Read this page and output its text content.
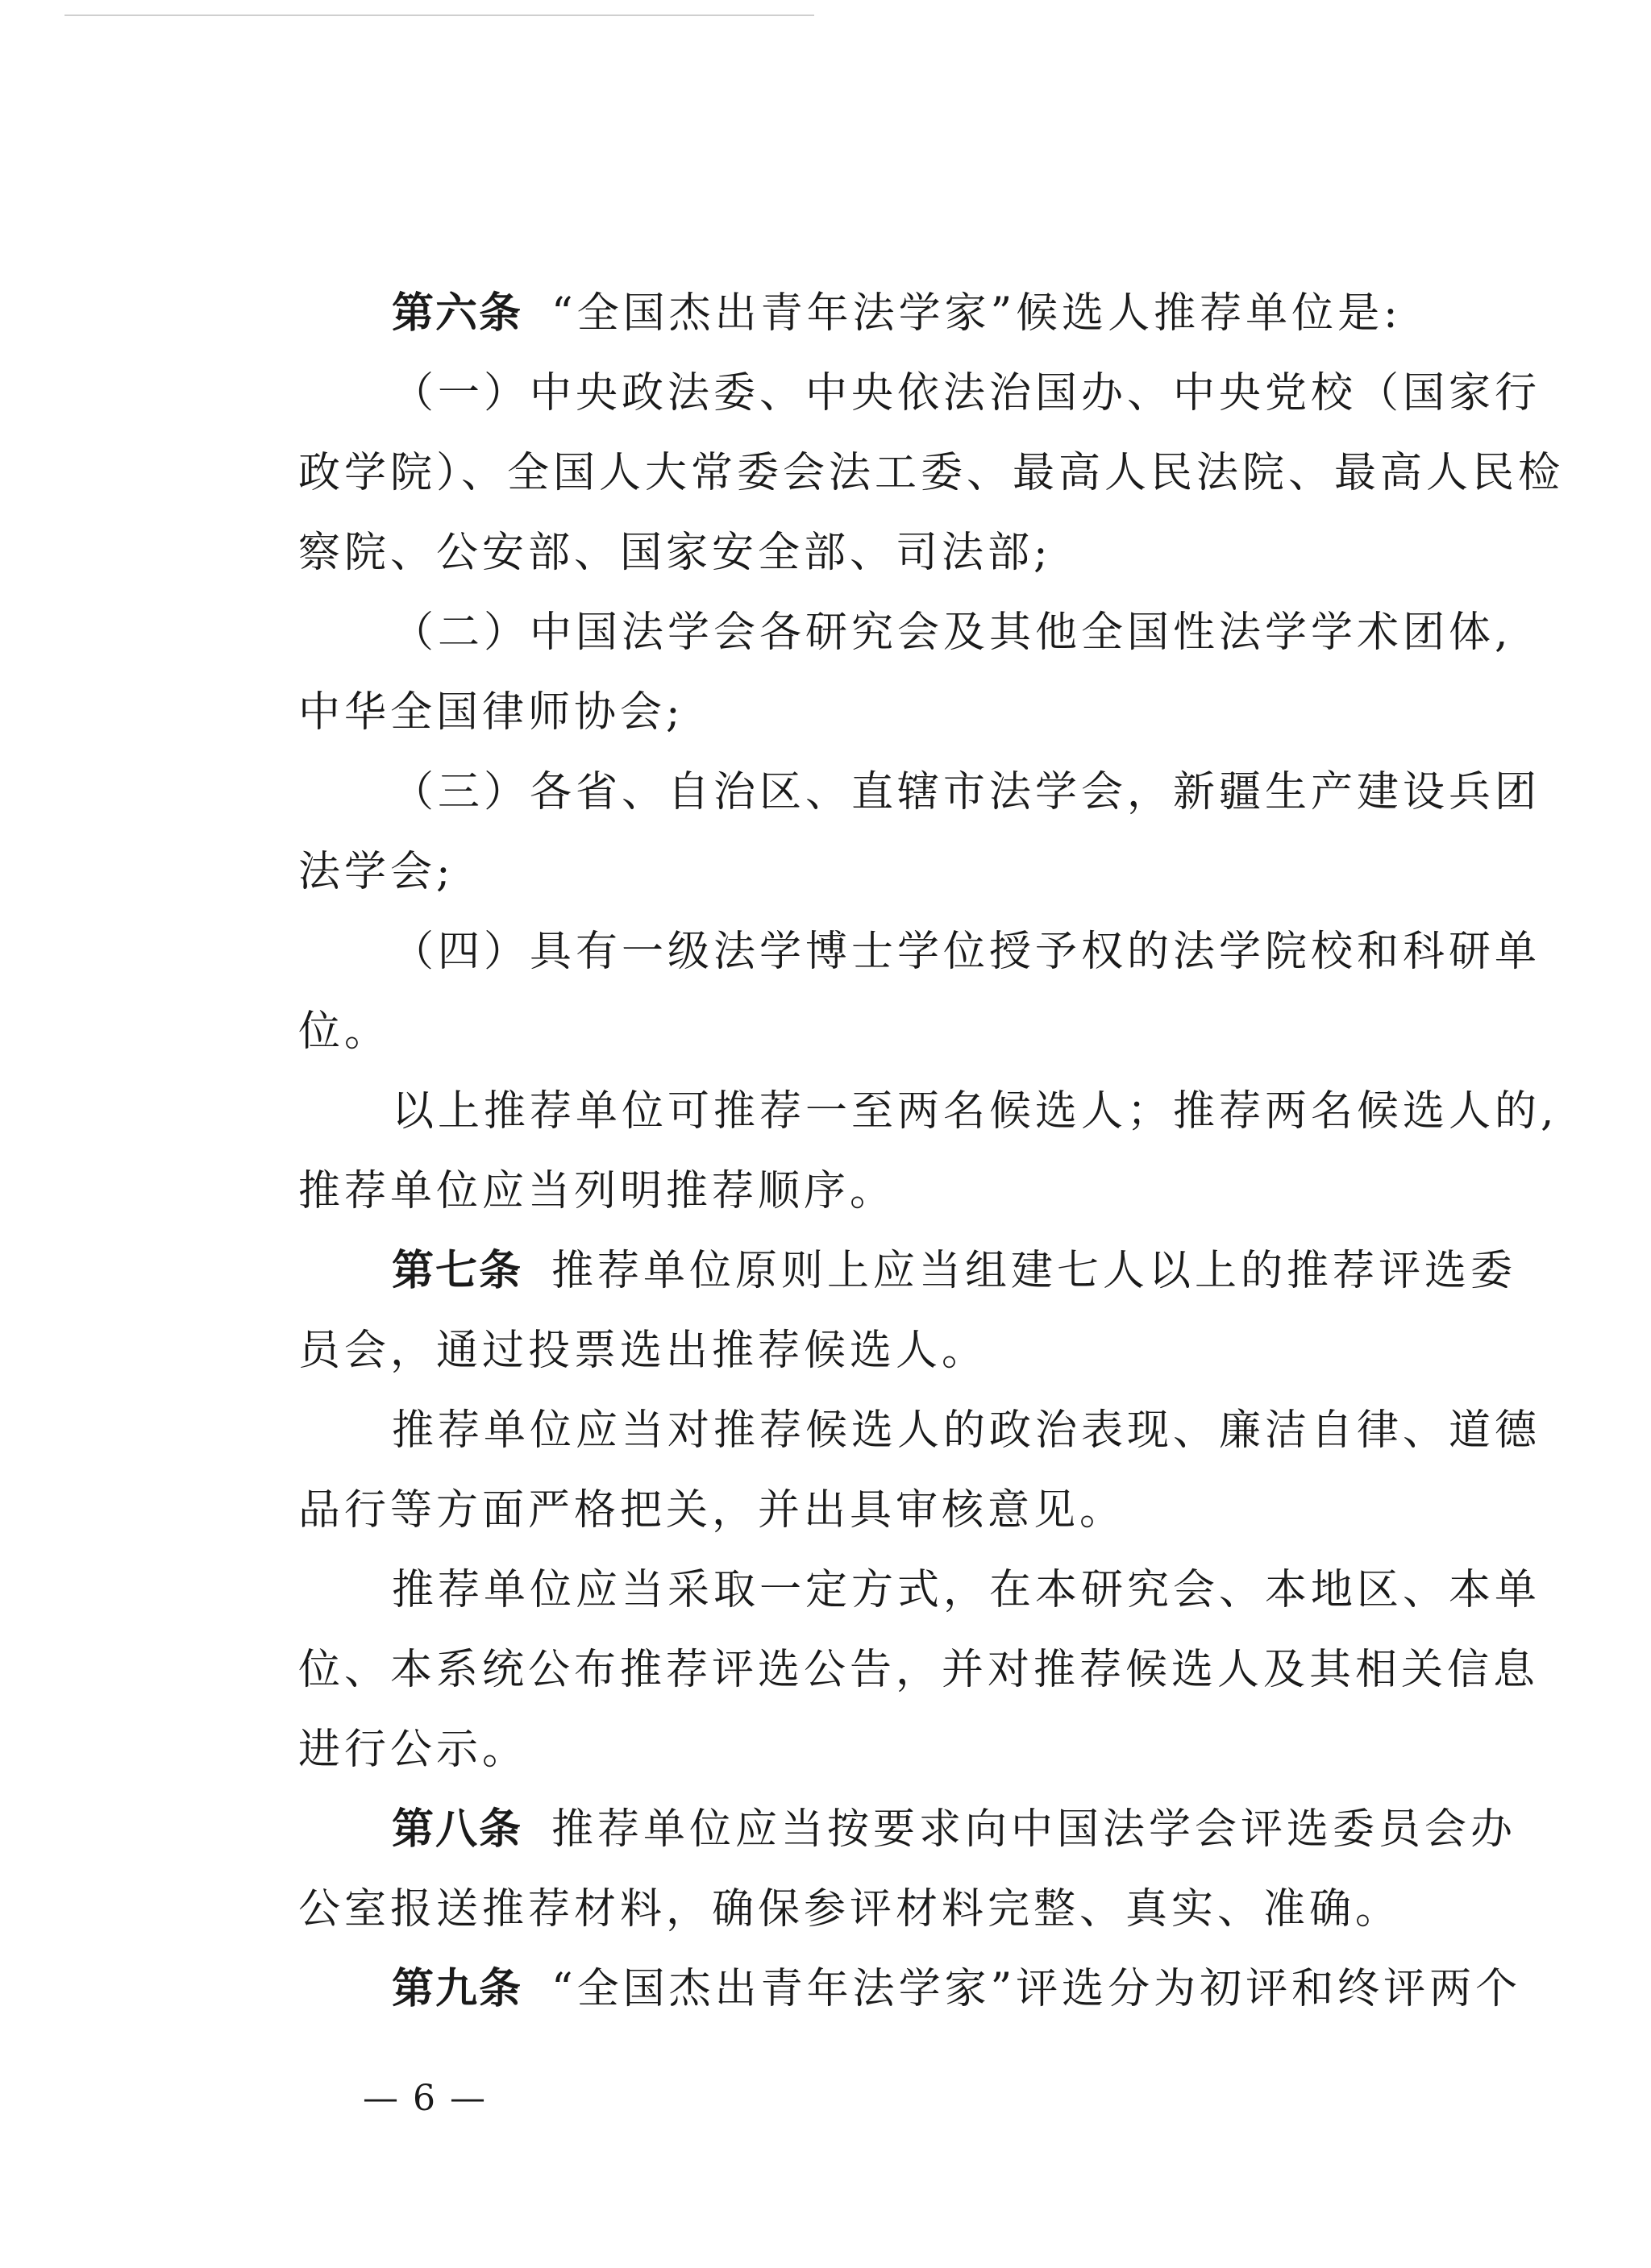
第六条 “全国杰出青年法学家”候选人推荐单位是:
（一）中央政法委、中央依法治国办、中央党校（国家行
政学院）、全国人大常委会法工委、最高人民法院、最高人民检
察院、公安部、国家安全部、司法部;
（二）中国法学会各研究会及其他全国性法学学术团体,
中华全国律师协会;
（三）各省、自治区、直辖市法学会，新疆生产建设兵团
法学会;
（四）具有一级法学博士学位授予权的法学院校和科研单
位。
以上推荐单位可推荐一至两名候选人；推荐两名候选人的,
推荐单位应当列明推荐顺序。
第七条 推荐单位原则上应当组建七人以上的推荐评选委
员会，通过投票选出推荐候选人。
推荐单位应当对推荐候选人的政治表现、廉洁自律、道德
品行等方面严格把关，并出具审核意见。
推荐单位应当采取一定方式，在本研究会、本地区、本单
位、本系统公布推荐评选公告，并对推荐候选人及其相关信息
进行公示。
第八条 推荐单位应当按要求向中国法学会评选委员会办
公室报送推荐材料，确保参评材料完整、真实、准确。
第九条 “全国杰出青年法学家”评选分为初评和终评两个
— 6 —
